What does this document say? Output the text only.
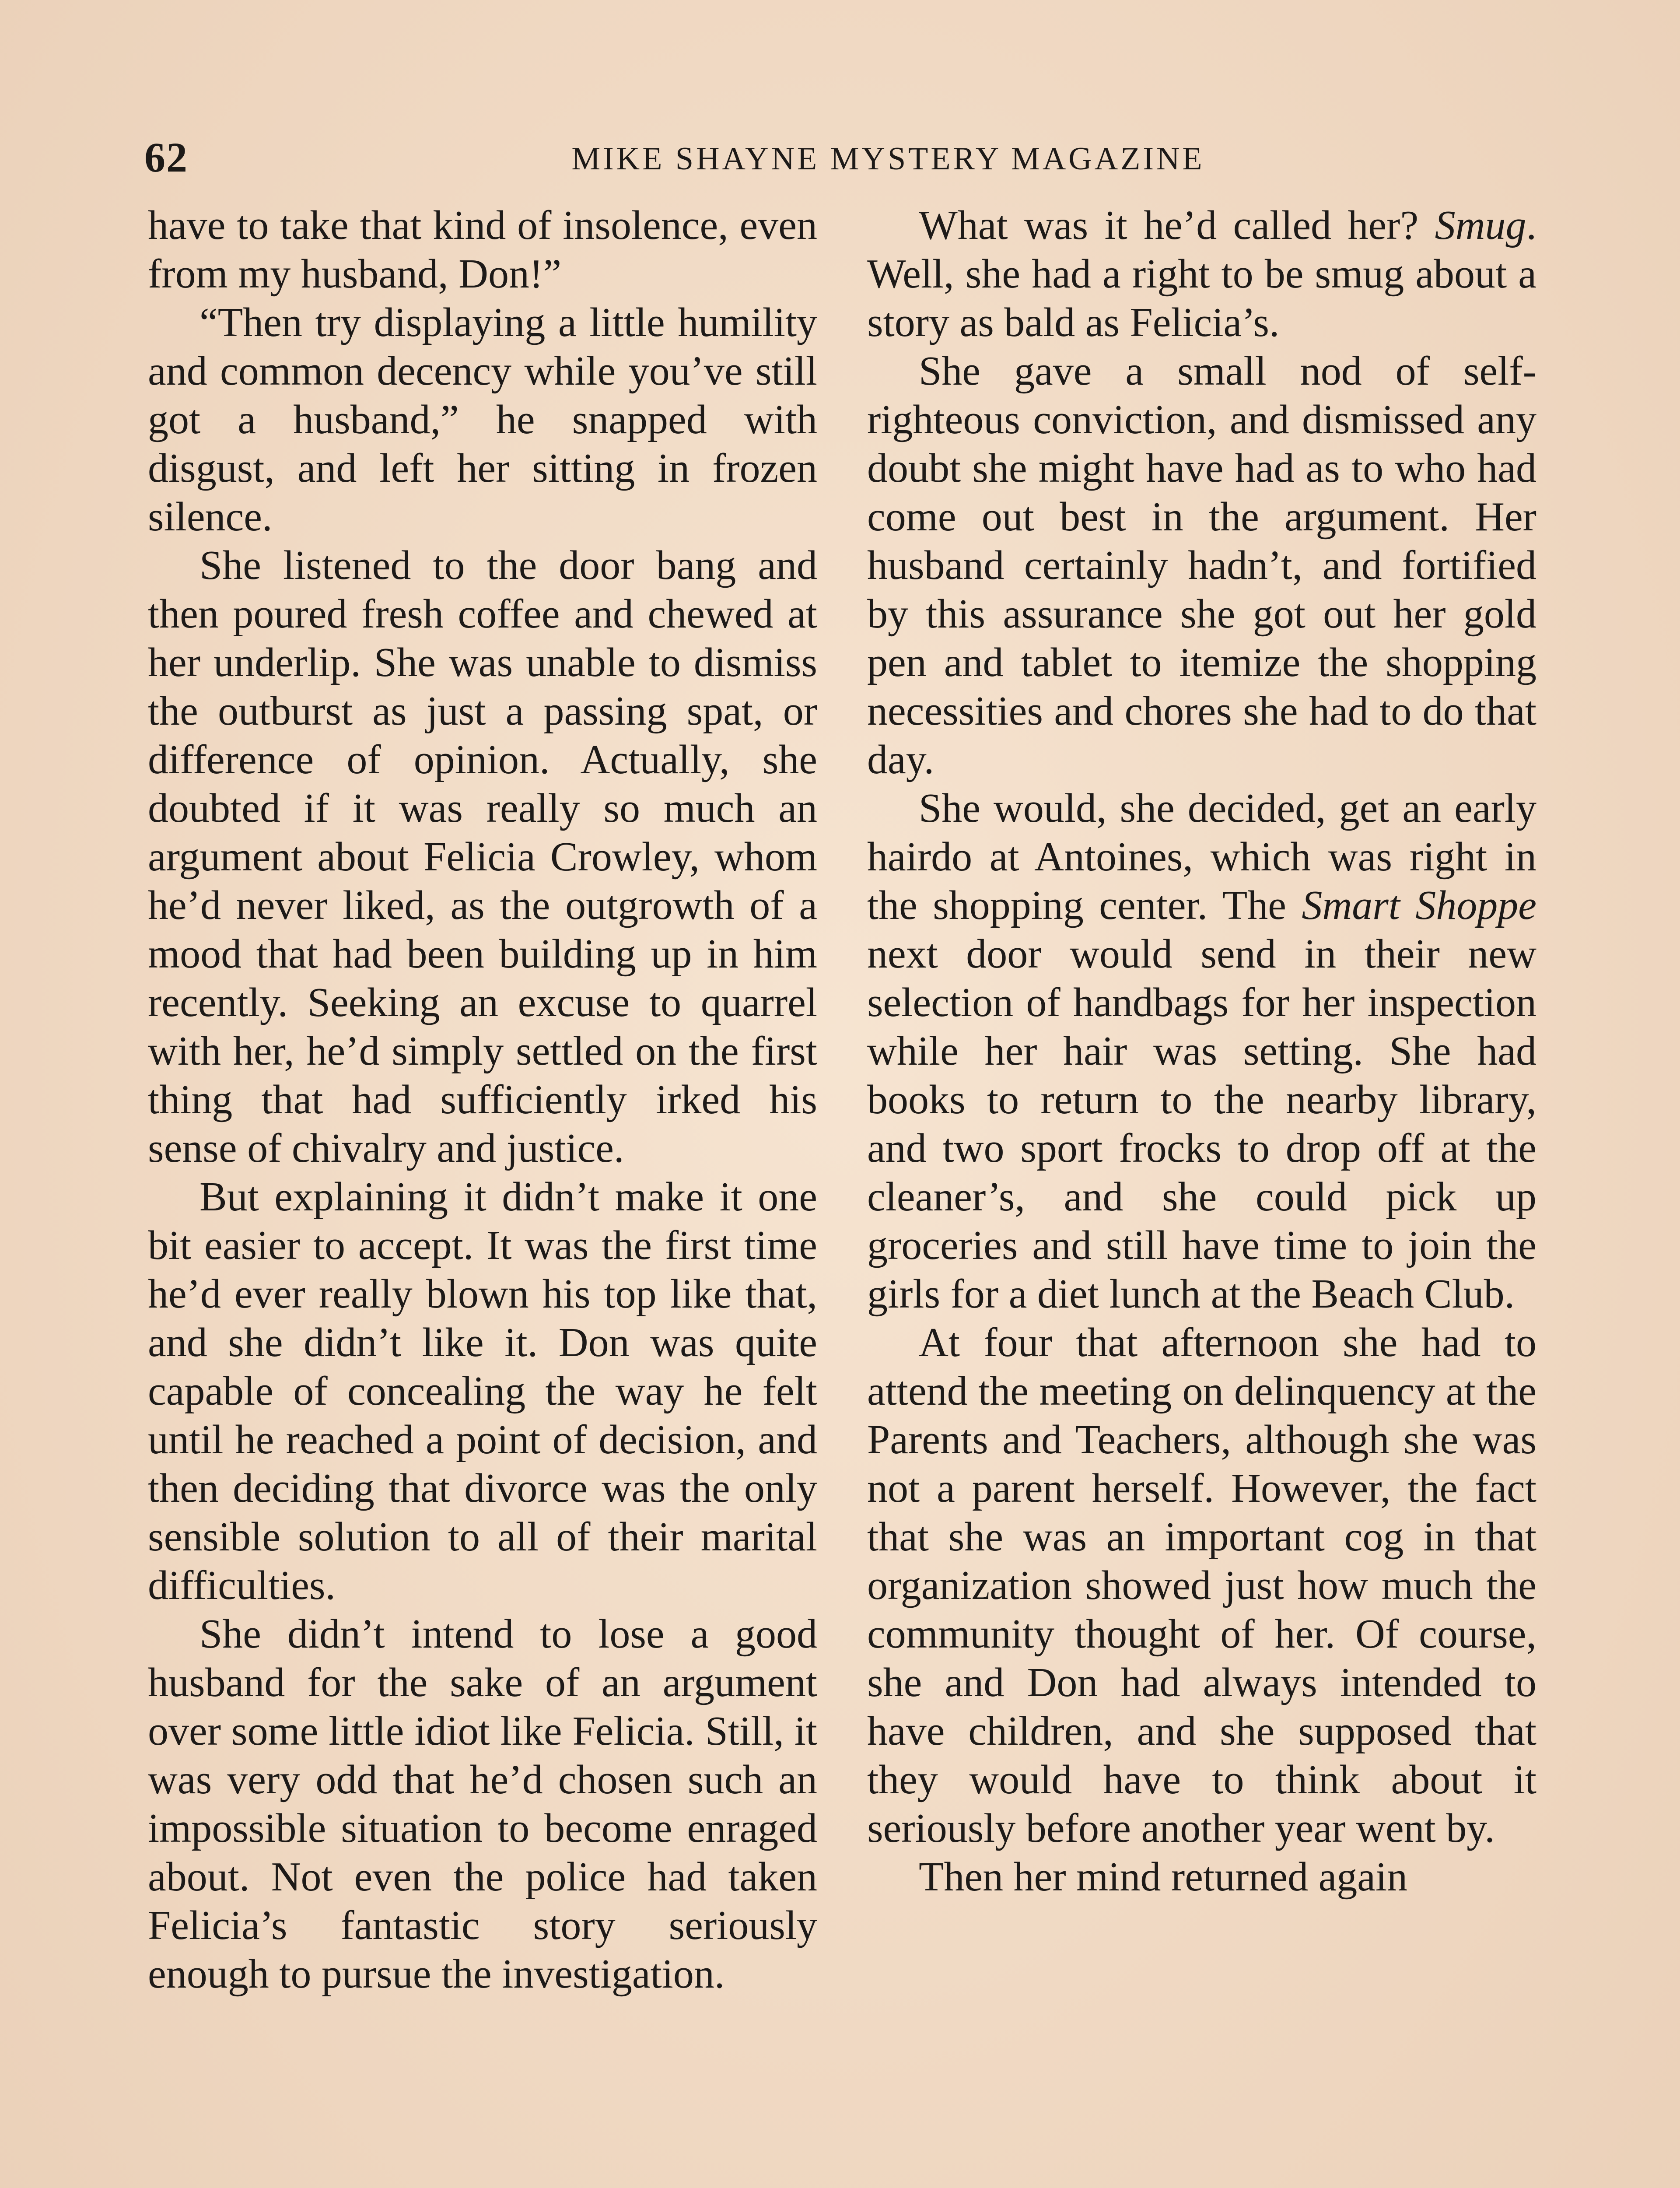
62	MIKE SHAYNE MYSTERY MAGAZINE

have to take that kind of insolence, even from my husband, Don!”

“Then try displaying a little humility and common decency while you’ve still got a husband,” he snapped with disgust, and left her sitting in frozen silence.

She listened to the door bang and then poured fresh coffee and chewed at her underlip. She was unable to dismiss the outburst as just a passing spat, or difference of opinion. Actually, she doubted if it was really so much an argument about Felicia Crowley, whom he’d never liked, as the outgrowth of a mood that had been building up in him recently. Seeking an excuse to quarrel with her, he’d simply settled on the first thing that had sufficiently irked his sense of chivalry and justice.

But explaining it didn’t make it one bit easier to accept. It was the first time he’d ever really blown his top like that, and she didn’t like it. Don was quite capable of concealing the way he felt until he reached a point of decision, and then deciding that divorce was the only sensible solution to all of their marital difficulties.

She didn’t intend to lose a good husband for the sake of an argument over some little idiot like Felicia. Still, it was very odd that he’d chosen such an impossible situation to become enraged about. Not even the police had taken Felicia’s fantastic story seriously enough to pursue the investigation.

What was it he’d called her? Smug. Well, she had a right to be smug about a story as bald as Felicia’s.

She gave a small nod of self-righteous conviction, and dismissed any doubt she might have had as to who had come out best in the argument. Her husband certainly hadn’t, and fortified by this assurance she got out her gold pen and tablet to itemize the shopping necessities and chores she had to do that day.

She would, she decided, get an early hairdo at Antoines, which was right in the shopping center. The Smart Shoppe next door would send in their new selection of handbags for her inspection while her hair was setting. She had books to return to the nearby library, and two sport frocks to drop off at the cleaner’s, and she could pick up groceries and still have time to join the girls for a diet lunch at the Beach Club.

At four that afternoon she had to attend the meeting on delinquency at the Parents and Teachers, although she was not a parent herself. However, the fact that she was an important cog in that organization showed just how much the community thought of her. Of course, she and Don had always intended to have children, and she supposed that they would have to think about it seriously before another year went by.

Then her mind returned again
